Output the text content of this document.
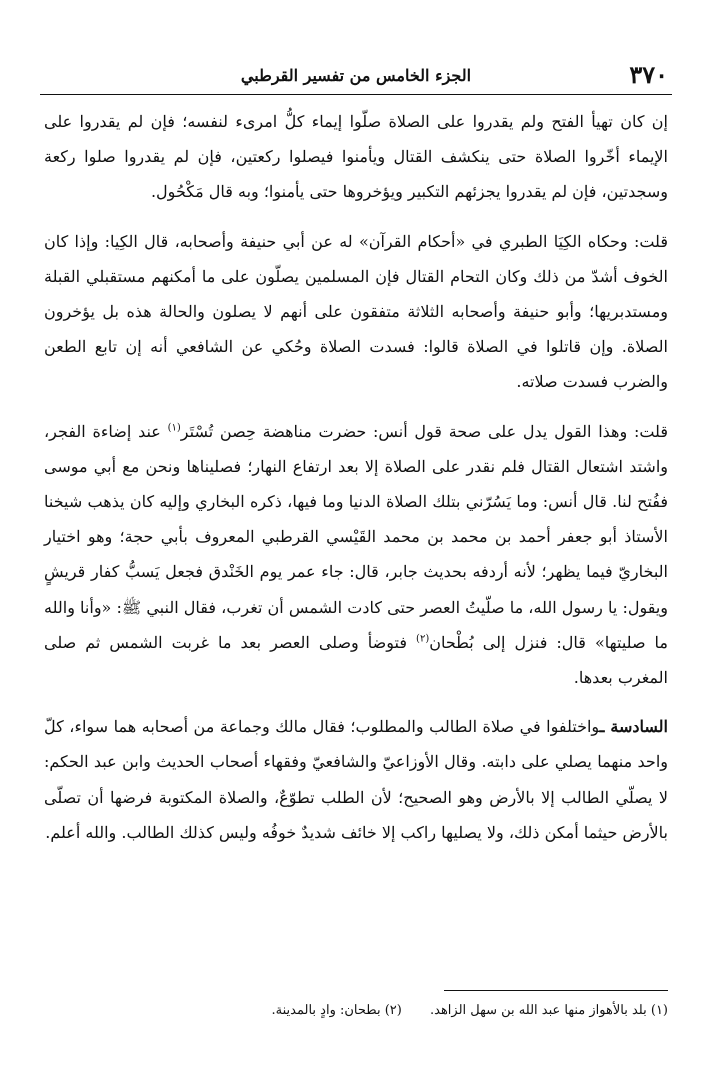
٣٧٠
الجزء الخامس من تفسير القرطبي

إن كان تهيأ الفتح ولم يقدروا على الصلاة صلّوا إيماء كلُّ امرىء لنفسه؛ فإن لم يقدروا على الإيماء أخّروا الصلاة حتى ينكشف القتال ويأمنوا فيصلوا ركعتين، فإن لم يقدروا صلوا ركعة وسجدتين، فإن لم يقدروا يجزئهم التكبير ويؤخروها حتى يأمنوا؛ وبه قال مَكْحُول.

قلت: وحكاه الكِيَا الطبري في «أحكام القرآن» له عن أبي حنيفة وأصحابه، قال الكِيا: وإذا كان الخوف أشدّ من ذلك وكان التحام القتال فإن المسلمين يصلّون على ما أمكنهم مستقبلي القبلة ومستدبريها؛ وأبو حنيفة وأصحابه الثلاثة متفقون على أنهم لا يصلون والحالة هذه بل يؤخرون الصلاة. وإن قاتلوا في الصلاة قالوا: فسدت الصلاة وحُكي عن الشافعي أنه إن تابع الطعن والضرب فسدت صلاته.

قلت: وهذا القول يدل على صحة قول أنس: حضرت مناهضة حِصن تُسْتَر$^{(١)}$ عند إضاءة الفجر، واشتد اشتعال القتال فلم نقدر على الصلاة إلا بعد ارتفاع النهار؛ فصليناها ونحن مع أبي موسى ففُتح لنا. قال أنس: وما يَسُرّني بتلك الصلاة الدنيا وما فيها، ذكره البخاري وإليه كان يذهب شيخنا الأستاذ أبو جعفر أحمد بن محمد بن محمد القَيْسي القرطبي المعروف بأبي حجة؛ وهو اختيار البخاريّ فيما يظهر؛ لأنه أردفه بحديث جابر، قال: جاء عمر يوم الخَنْدق فجعل يَسبُّ كفار قريشٍ ويقول: يا رسول الله، ما صلّيتُ العصر حتى كادت الشمس أن تغرب، فقال النبي ﷺ: «وأنا والله ما صليتها» قال: فنزل إلى بُطْحان$^{(٢)}$ فتوضأ وصلى العصر بعد ما غربت الشمس ثم صلى المغرب بعدها.

السادسة ـواختلفوا في صلاة الطالب والمطلوب؛ فقال مالك وجماعة من أصحابه هما سواء، كلّ واحد منهما يصلي على دابته. وقال الأوزاعيّ والشافعيّ وفقهاء أصحاب الحديث وابن عبد الحكم: لا يصلّي الطالب إلا بالأرض وهو الصحيح؛ لأن الطلب تطوّعٌ، والصلاة المكتوبة فرضها أن تصلّى بالأرض حيثما أمكن ذلك، ولا يصليها راكب إلا خائف شديدٌ خوفُه وليس كذلك الطالب. والله أعلم.

(١) بلد بالأهواز منها عبد الله بن سهل الزاهد. (٢) بطحان: وادٍ بالمدينة.
